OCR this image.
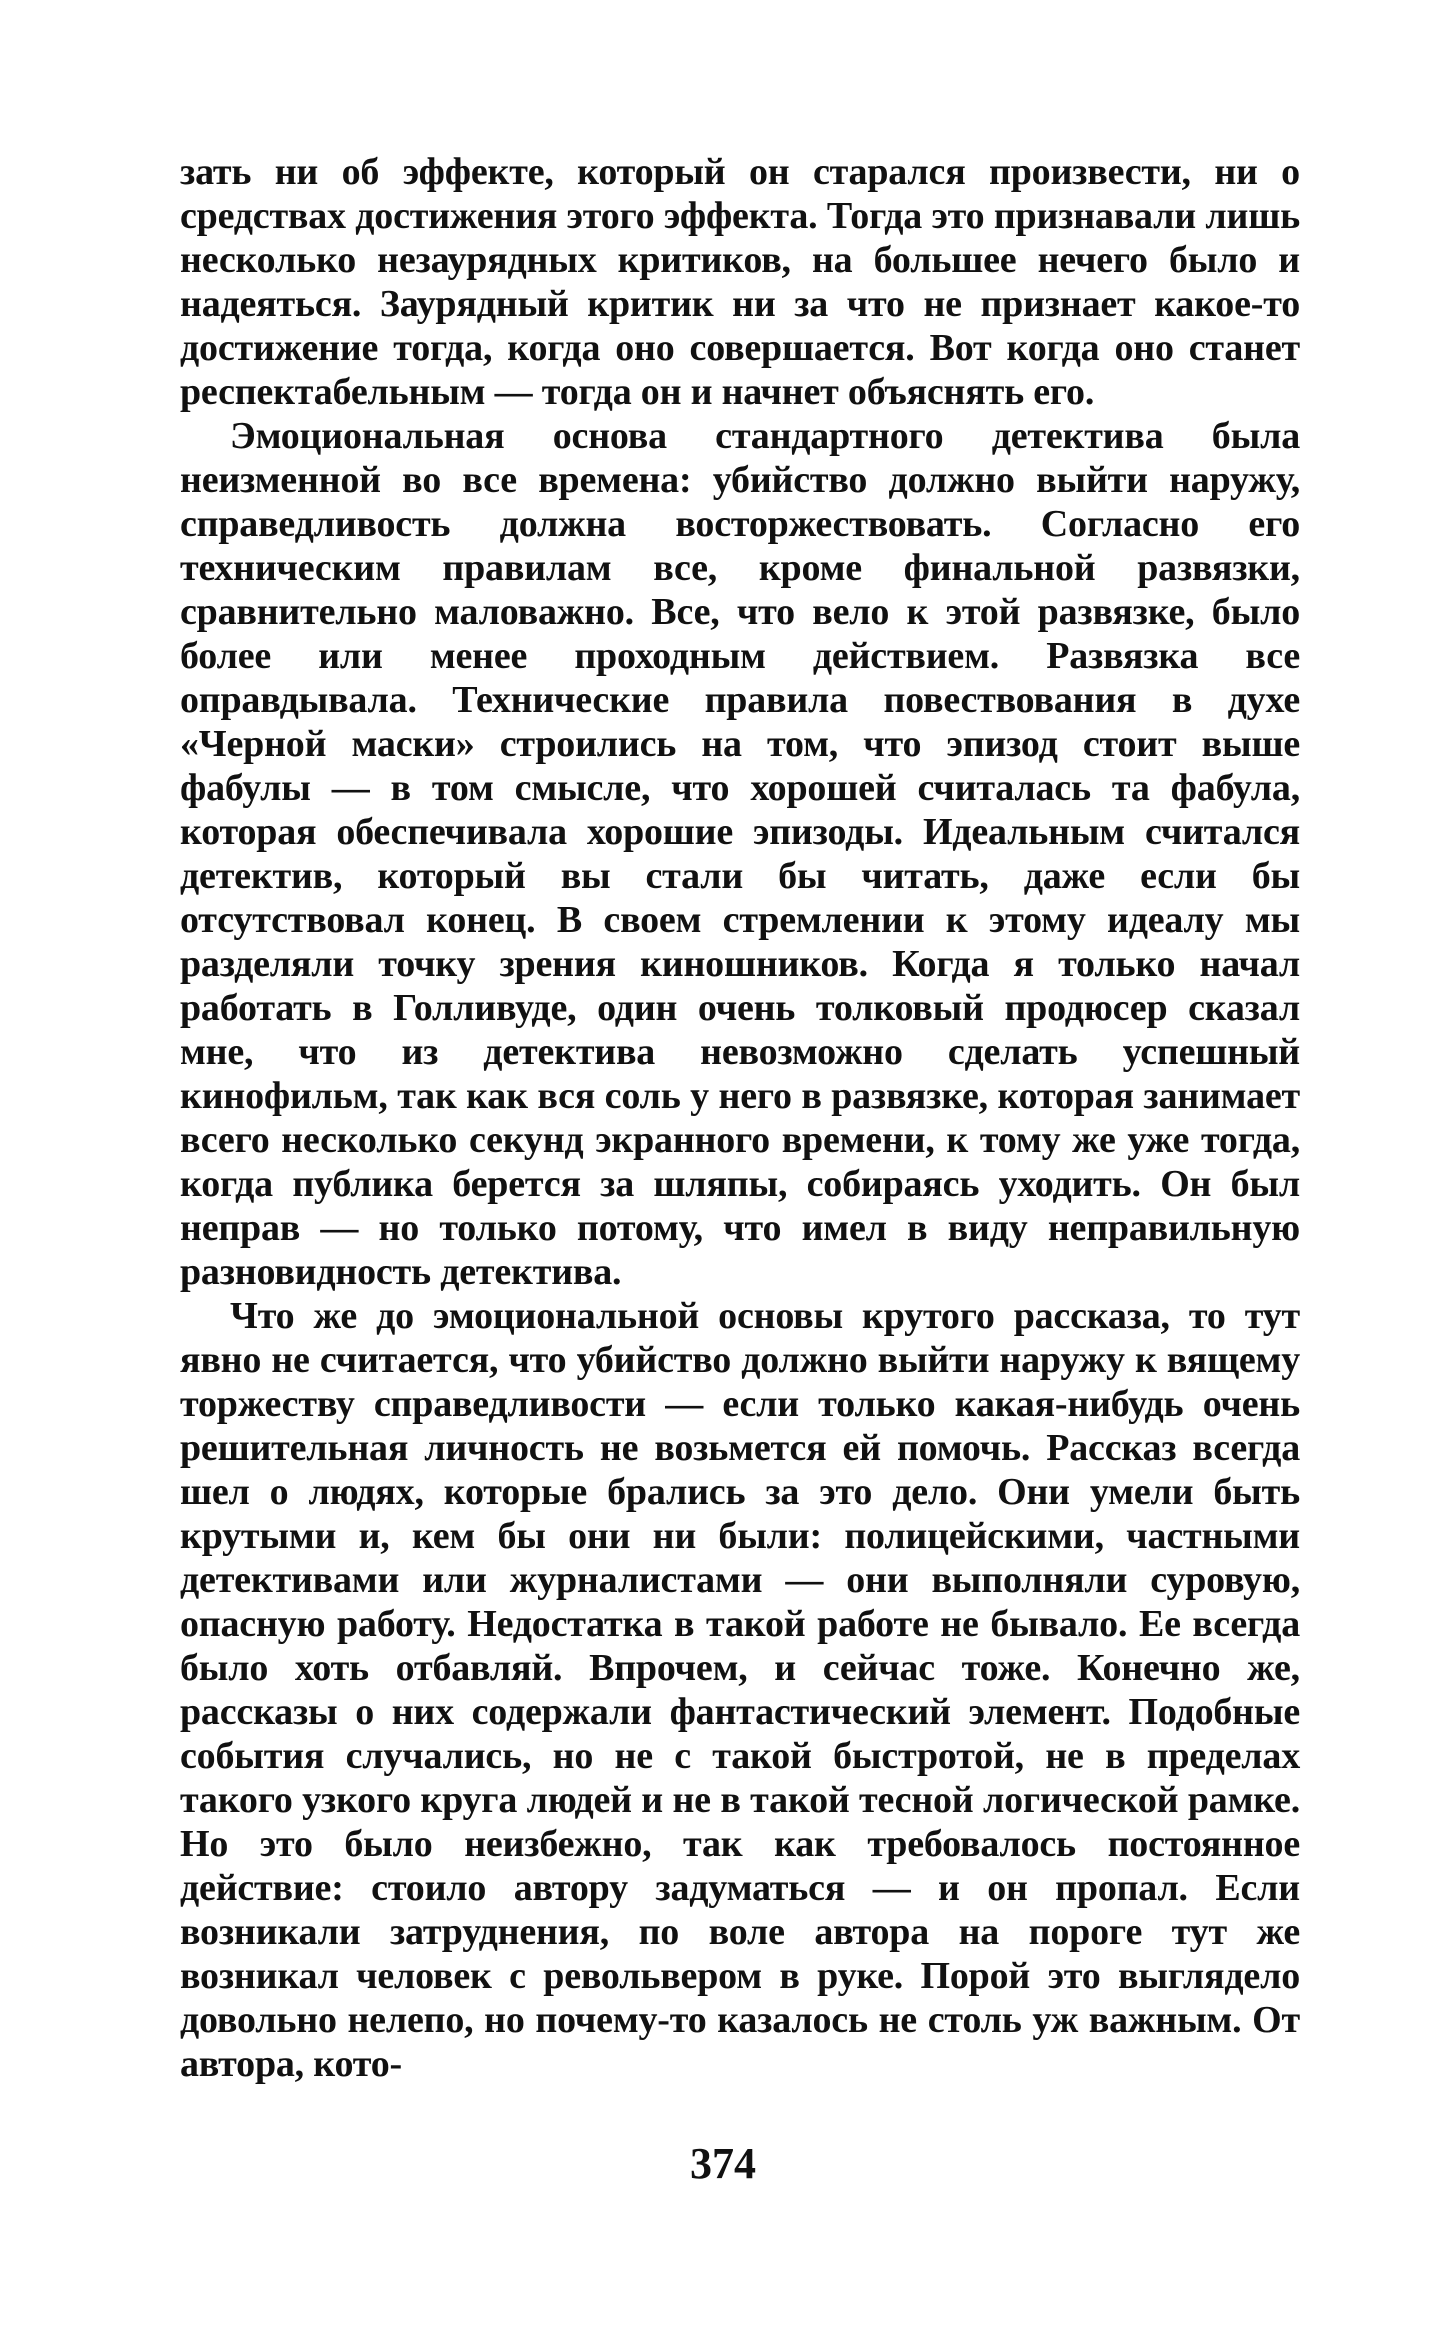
зать ни об эффекте, который он старался произвести, ни о средствах достижения этого эффекта. Тогда это признавали лишь несколько незаурядных критиков, на большее нечего было и надеяться. Заурядный критик ни за что не признает какое-то достижение тогда, когда оно совершается. Вот когда оно станет респектабельным — тогда он и начнет объяснять его.

Эмоциональная основа стандартного детектива была неизменной во все времена: убийство должно выйти наружу, справедливость должна восторжествовать. Согласно его техническим правилам все, кроме финальной развязки, сравнительно маловажно. Все, что вело к этой развязке, было более или менее проходным действием. Развязка все оправдывала. Технические правила повествования в духе «Черной маски» строились на том, что эпизод стоит выше фабулы — в том смысле, что хорошей считалась та фабула, которая обеспечивала хорошие эпизоды. Идеальным считался детектив, который вы стали бы читать, даже если бы отсутствовал конец. В своем стремлении к этому идеалу мы разделяли точку зрения киношников. Когда я только начал работать в Голливуде, один очень толковый продюсер сказал мне, что из детектива невозможно сделать успешный кинофильм, так как вся соль у него в развязке, которая занимает всего несколько секунд экранного времени, к тому же уже тогда, когда публика берется за шляпы, собираясь уходить. Он был неправ — но только потому, что имел в виду неправильную разновидность детектива.

Что же до эмоциональной основы крутого рассказа, то тут явно не считается, что убийство должно выйти наружу к вящему торжеству справедливости — если только какая-нибудь очень решительная личность не возьмется ей помочь. Рассказ всегда шел о людях, которые брались за это дело. Они умели быть крутыми и, кем бы они ни были: полицейскими, частными детективами или журналистами — они выполняли суровую, опасную работу. Недостатка в такой работе не бывало. Ее всегда было хоть отбавляй. Впрочем, и сейчас тоже. Конечно же, рассказы о них содержали фантастический элемент. Подобные события случались, но не с такой быстротой, не в пределах такого узкого круга людей и не в такой тесной логической рамке. Но это было неизбежно, так как требовалось постоянное действие: стоило автору задуматься — и он пропал. Если возникали затруднения, по воле автора на пороге тут же возникал человек с револьвером в руке. Порой это выглядело довольно нелепо, но почему-то казалось не столь уж важным. От автора, кото-

374
